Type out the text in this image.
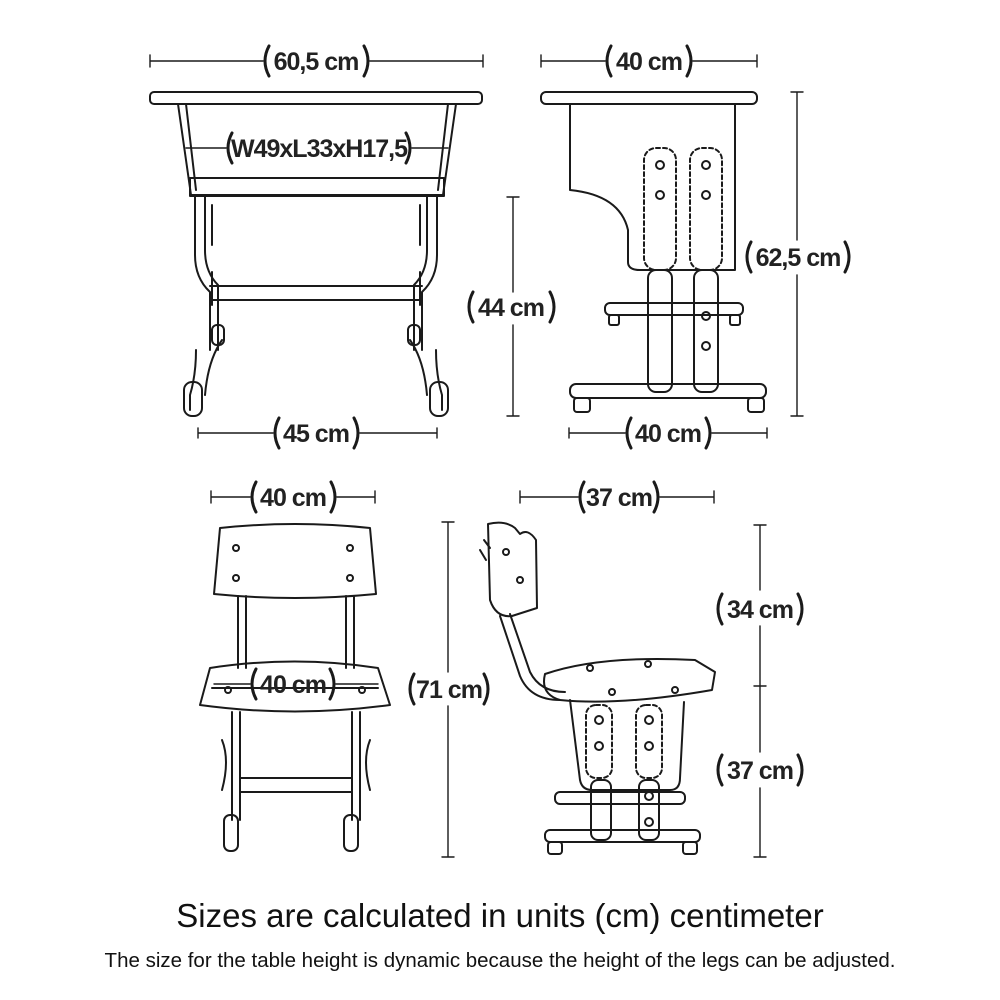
60,5 cm
W49xL33xH17,5
45 cm
44 cm
40 cm
62,5 cm
40 cm
40 cm
40 cm	71 cm
37 cm
34 cm
37 cm
Sizes are calculated in units (cm) centimeter
The size for the table height is dynamic because the height of the legs can be adjusted.
